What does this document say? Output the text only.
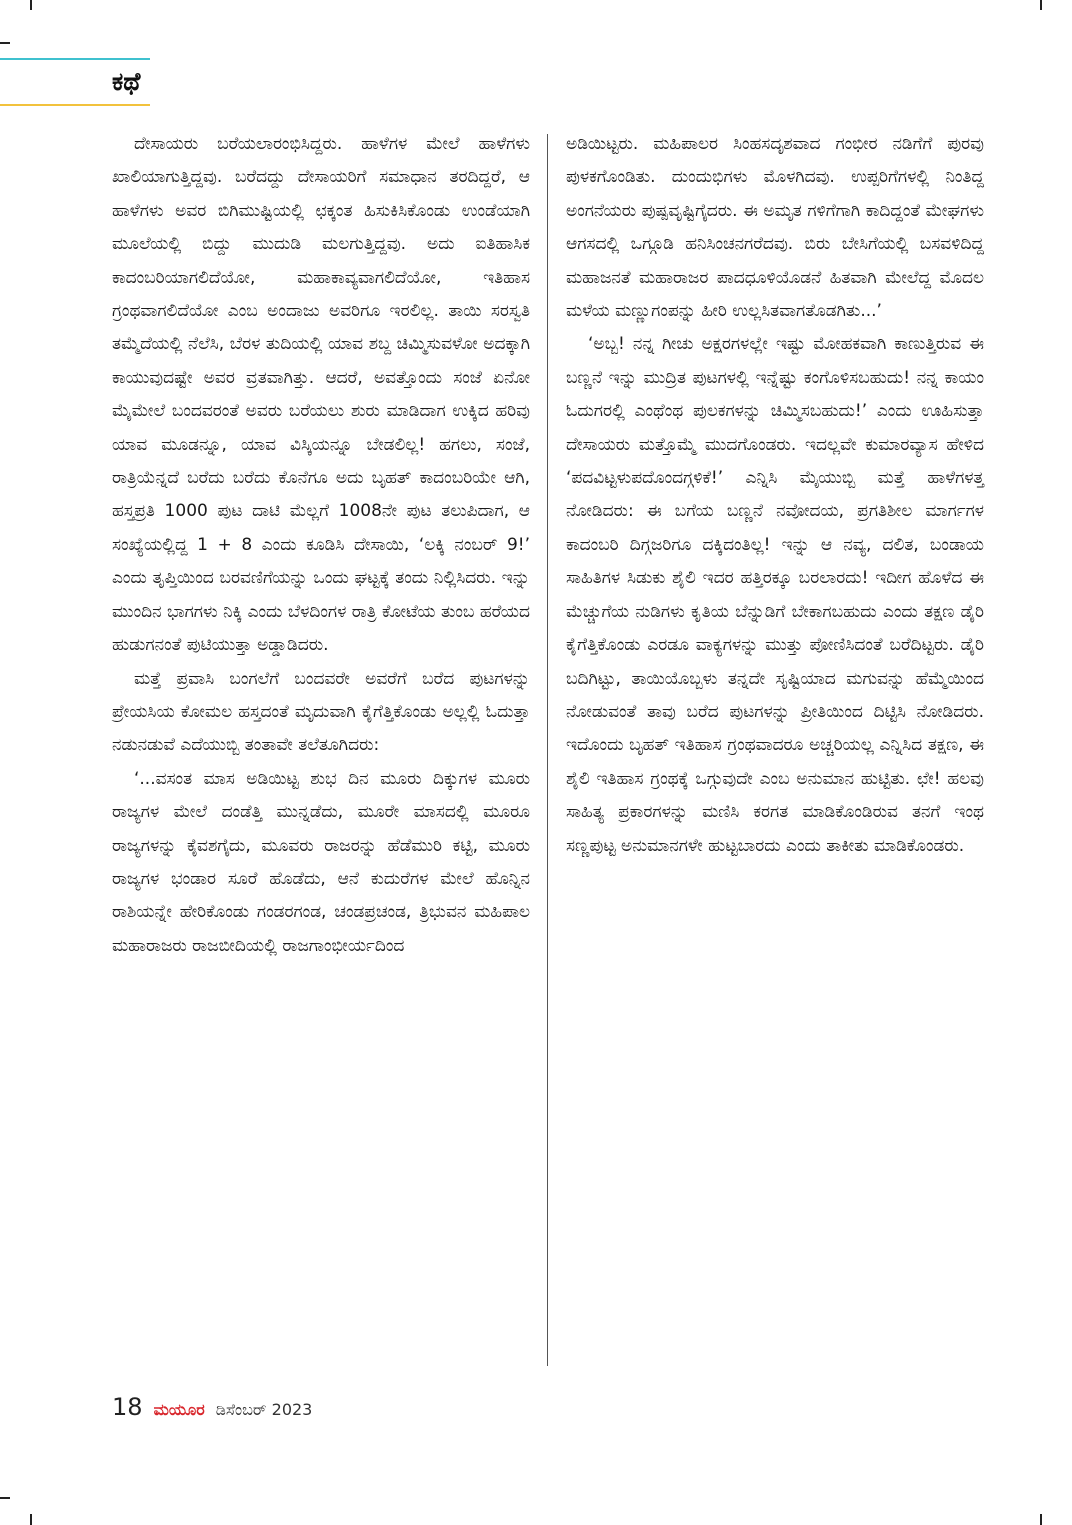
ಕಥೆ

ದೇಸಾಯರು ಬರೆಯಲಾರಂಭಿಸಿದ್ದರು. ಹಾಳೆಗಳ ಮೇಲೆ ಹಾಳೆಗಳು ಖಾಲಿಯಾಗುತ್ತಿದ್ದವು. ಬರೆದದ್ದು ದೇಸಾಯರಿಗೆ ಸಮಾಧಾನ ತರದಿದ್ದರೆ, ಆ ಹಾಳೆಗಳು ಅವರ ಬಿಗಿಮುಷ್ಟಿಯಲ್ಲಿ ಛಕ್ಕಂತ ಹಿಸುಕಿಸಿಕೊಂಡು ಉಂಡೆಯಾಗಿ ಮೂಲೆಯಲ್ಲಿ ಬಿದ್ದು ಮುದುಡಿ ಮಲಗುತ್ತಿದ್ದವು. ಅದು ಐತಿಹಾಸಿಕ ಕಾದಂಬರಿಯಾಗಲಿದೆಯೋ, ಮಹಾಕಾವ್ಯವಾಗಲಿದೆಯೋ, ಇತಿಹಾಸ ಗ್ರಂಥವಾಗಲಿದೆಯೋ ಎಂಬ ಅಂದಾಜು ಅವರಿಗೂ ಇರಲಿಲ್ಲ. ತಾಯಿ ಸರಸ್ವತಿ ತಮ್ಮೆದೆಯಲ್ಲಿ ನೆಲೆಸಿ, ಬೆರಳ ತುದಿಯಲ್ಲಿ ಯಾವ ಶಬ್ದ ಚಿಮ್ಮಿಸುವಳೋ ಅದಕ್ಕಾಗಿ ಕಾಯುವುದಷ್ಟೇ ಅವರ ವ್ರತವಾಗಿತ್ತು. ಆದರೆ, ಅವತ್ತೊಂದು ಸಂಜೆ ಏನೋ ಮೈಮೇಲೆ ಬಂದವರಂತೆ ಅವರು ಬರೆಯಲು ಶುರು ಮಾಡಿದಾಗ ಉಕ್ಕಿದ ಹರಿವು ಯಾವ ಮೂಡನ್ನೂ, ಯಾವ ವಿಸ್ಕಿಯನ್ನೂ ಬೇಡಲಿಲ್ಲ! ಹಗಲು, ಸಂಜೆ, ರಾತ್ರಿಯೆನ್ನದೆ ಬರೆದು ಬರೆದು ಕೊನೆಗೂ ಅದು ಬೃಹತ್ ಕಾದಂಬರಿಯೇ ಆಗಿ, ಹಸ್ತಪ್ರತಿ 1000 ಪುಟ ದಾಟಿ ಮೆಲ್ಲಗೆ 1008ನೇ ಪುಟ ತಲುಪಿದಾಗ, ಆ ಸಂಖ್ಯೆಯಲ್ಲಿದ್ದ 1 + 8 ಎಂದು ಕೂಡಿಸಿ ದೇಸಾಯಿ, ‘ಲಕ್ಕಿ ನಂಬರ್ 9!’ ಎಂದು ತೃಪ್ತಿಯಿಂದ ಬರವಣಿಗೆಯನ್ನು ಒಂದು ಘಟ್ಟಕ್ಕೆ ತಂದು ನಿಲ್ಲಿಸಿದರು. ಇನ್ನು ಮುಂದಿನ ಭಾಗಗಳು ನಿಕ್ಕಿ ಎಂದು ಬೆಳದಿಂಗಳ ರಾತ್ರಿ ಕೋಟೆಯ ತುಂಬ ಹರೆಯದ ಹುಡುಗನಂತೆ ಪುಟಿಯುತ್ತಾ ಅಡ್ಡಾಡಿದರು.

ಮತ್ತೆ ಪ್ರವಾಸಿ ಬಂಗಲೆಗೆ ಬಂದವರೇ ಅವರೆಗೆ ಬರೆದ ಪುಟಗಳನ್ನು ಪ್ರೇಯಸಿಯ ಕೋಮಲ ಹಸ್ತದಂತೆ ಮೃದುವಾಗಿ ಕೈಗೆತ್ತಿಕೊಂಡು ಅಲ್ಲಲ್ಲಿ ಓದುತ್ತಾ ನಡುನಡುವೆ ಎದೆಯುಬ್ಬಿ ತಂತಾವೇ ತಲೆತೂಗಿದರು:

‘...ವಸಂತ ಮಾಸ ಅಡಿಯಿಟ್ಟ ಶುಭ ದಿನ ಮೂರು ದಿಕ್ಕುಗಳ ಮೂರು ರಾಜ್ಯಗಳ ಮೇಲೆ ದಂಡೆತ್ತಿ ಮುನ್ನಡೆದು, ಮೂರೇ ಮಾಸದಲ್ಲಿ ಮೂರೂ ರಾಜ್ಯಗಳನ್ನು ಕೈವಶಗೈದು, ಮೂವರು ರಾಜರನ್ನು ಹೆಡೆಮುರಿ ಕಟ್ಟಿ, ಮೂರು ರಾಜ್ಯಗಳ ಭಂಡಾರ ಸೂರೆ ಹೊಡೆದು, ಆನೆ ಕುದುರೆಗಳ ಮೇಲೆ ಹೊನ್ನಿನ ರಾಶಿಯನ್ನೇ ಹೇರಿಕೊಂಡು ಗಂಡರಗಂಡ, ಚಂಡಪ್ರಚಂಡ, ತ್ರಿಭುವನ ಮಹಿಪಾಲ ಮಹಾರಾಜರು ರಾಜಬೀದಿಯಲ್ಲಿ ರಾಜಗಾಂಭೀರ್ಯದಿಂದ

ಅಡಿಯಿಟ್ಟರು. ಮಹಿಪಾಲರ ಸಿಂಹಸದೃಶವಾದ ಗಂಭೀರ ನಡಿಗೆಗೆ ಪುರವು ಪುಳಕಗೊಂಡಿತು. ದುಂದುಭಿಗಳು ಮೊಳಗಿದವು. ಉಪ್ಪರಿಗೆಗಳಲ್ಲಿ ನಿಂತಿದ್ದ ಅಂಗನೆಯರು ಪುಷ್ಪವೃಷ್ಟಿಗೈದರು. ಈ ಅಮೃತ ಗಳಿಗೆಗಾಗಿ ಕಾದಿದ್ದಂತೆ ಮೇಘಗಳು ಆಗಸದಲ್ಲಿ ಒಗ್ಗೂಡಿ ಹನಿಸಿಂಚನಗರೆದವು. ಬಿರು ಬೇಸಿಗೆಯಲ್ಲಿ ಬಸವಳಿದಿದ್ದ ಮಹಾಜನತೆ ಮಹಾರಾಜರ ಪಾದಧೂಳಿಯೊಡನೆ ಹಿತವಾಗಿ ಮೇಲೆದ್ದ ಮೊದಲ ಮಳೆಯ ಮಣ್ಣುಗಂಪನ್ನು ಹೀರಿ ಉಲ್ಲಸಿತವಾಗತೊಡಗಿತು...’

‘ಅಬ್ಬ! ನನ್ನ ಗೀಚು ಅಕ್ಷರಗಳಲ್ಲೇ ಇಷ್ಟು ಮೋಹಕವಾಗಿ ಕಾಣುತ್ತಿರುವ ಈ ಬಣ್ಣನೆ ಇನ್ನು ಮುದ್ರಿತ ಪುಟಗಳಲ್ಲಿ ಇನ್ನೆಷ್ಟು ಕಂಗೊಳಿಸಬಹುದು! ನನ್ನ ಕಾಯಂ ಓದುಗರಲ್ಲಿ ಎಂಥೆಂಥ ಪುಲಕಗಳನ್ನು ಚಿಮ್ಮಿಸಬಹುದು!’ ಎಂದು ಊಹಿಸುತ್ತಾ ದೇಸಾಯರು ಮತ್ತೊಮ್ಮೆ ಮುದಗೊಂಡರು. ಇದಲ್ಲವೇ ಕುಮಾರವ್ಯಾಸ ಹೇಳಿದ ‘ಪದವಿಟ್ಟಳುಪದೊಂದಗ್ಗಳಿಕೆ!’ ಎನ್ನಿಸಿ ಮೈಯುಬ್ಬಿ ಮತ್ತೆ ಹಾಳೆಗಳತ್ತ ನೋಡಿದರು: ಈ ಬಗೆಯ ಬಣ್ಣನೆ ನವೋದಯ, ಪ್ರಗತಿಶೀಲ ಮಾರ್ಗಗಳ ಕಾದಂಬರಿ ದಿಗ್ಗಜರಿಗೂ ದಕ್ಕಿದಂತಿಲ್ಲ! ಇನ್ನು ಆ ನವ್ಯ, ದಲಿತ, ಬಂಡಾಯ ಸಾಹಿತಿಗಳ ಸಿಡುಕು ಶೈಲಿ ಇದರ ಹತ್ತಿರಕ್ಕೂ ಬರಲಾರದು! ಇದೀಗ ಹೊಳೆದ ಈ ಮೆಚ್ಚುಗೆಯ ನುಡಿಗಳು ಕೃತಿಯ ಬೆನ್ನುಡಿಗೆ ಬೇಕಾಗಬಹುದು ಎಂದು ತಕ್ಷಣ ಡೈರಿ ಕೈಗೆತ್ತಿಕೊಂಡು ಎರಡೂ ವಾಕ್ಯಗಳನ್ನು ಮುತ್ತು ಪೋಣಿಸಿದಂತೆ ಬರೆದಿಟ್ಟರು. ಡೈರಿ ಬದಿಗಿಟ್ಟು, ತಾಯಿಯೊಬ್ಬಳು ತನ್ನದೇ ಸೃಷ್ಟಿಯಾದ ಮಗುವನ್ನು ಹೆಮ್ಮೆಯಿಂದ ನೋಡುವಂತೆ ತಾವು ಬರೆದ ಪುಟಗಳನ್ನು ಪ್ರೀತಿಯಿಂದ ದಿಟ್ಟಿಸಿ ನೋಡಿದರು. ಇದೊಂದು ಬೃಹತ್ ಇತಿಹಾಸ ಗ್ರಂಥವಾದರೂ ಅಚ್ಚರಿಯಲ್ಲ ಎನ್ನಿಸಿದ ತಕ್ಷಣ, ಈ ಶೈಲಿ ಇತಿಹಾಸ ಗ್ರಂಥಕ್ಕೆ ಒಗ್ಗುವುದೇ ಎಂಬ ಅನುಮಾನ ಹುಟ್ಟಿತು. ಛೇ! ಹಲವು ಸಾಹಿತ್ಯ ಪ್ರಕಾರಗಳನ್ನು ಮಣಿಸಿ ಕರಗತ ಮಾಡಿಕೊಂಡಿರುವ ತನಗೆ ಇಂಥ ಸಣ್ಣಪುಟ್ಟ ಅನುಮಾನಗಳೇ ಹುಟ್ಟಬಾರದು ಎಂದು ತಾಕೀತು ಮಾಡಿಕೊಂಡರು.

18 ಮಯೂರ ಡಿಸೆಂಬರ್ 2023
